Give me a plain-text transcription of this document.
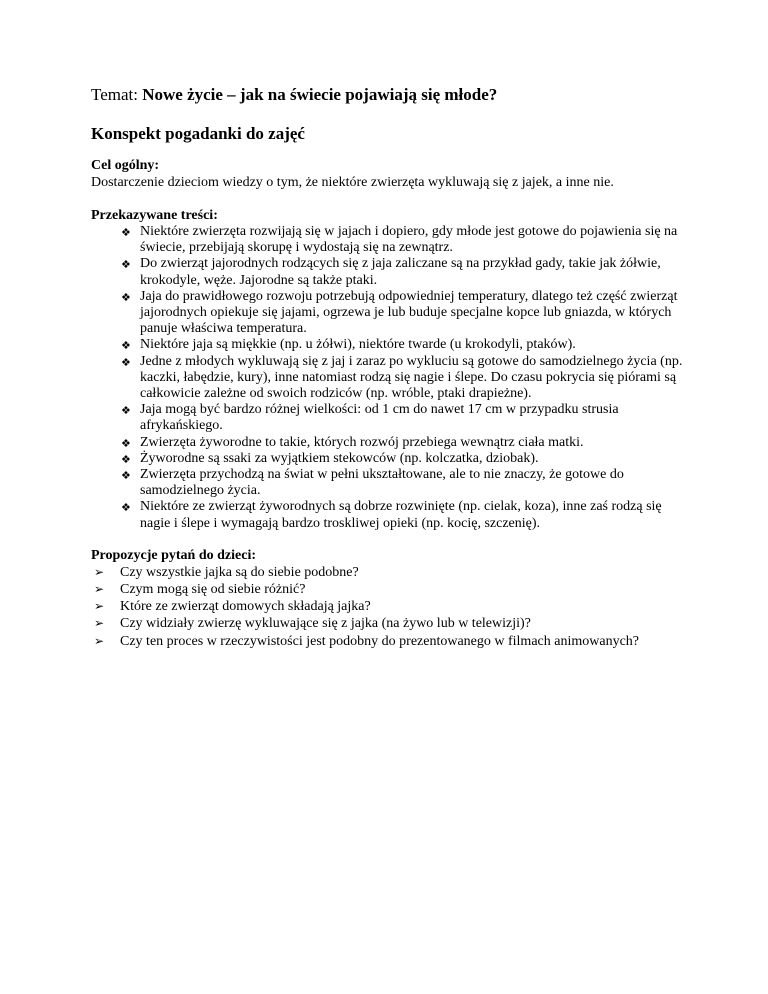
Temat: Nowe życie – jak na świecie pojawiają się młode?

Konspekt pogadanki do zajęć

Cel ogólny:

Dostarczenie dzieciom wiedzy o tym, że niektóre zwierzęta wykluwają się z jajek, a inne nie.

Przekazywane treści:

❖ Niektóre zwierzęta rozwijają się w jajach i dopiero, gdy młode jest gotowe do pojawienia się na świecie, przebijają skorupę i wydostają się na zewnątrz.
❖ Do zwierząt jajorodnych rodzących się z jaja zaliczane są na przykład gady, takie jak żółwie, krokodyle, węże. Jajorodne są także ptaki.
❖ Jaja do prawidłowego rozwoju potrzebują odpowiedniej temperatury, dlatego też część zwierząt jajorodnych opiekuje się jajami, ogrzewa je lub buduje specjalne kopce lub gniazda, w których panuje właściwa temperatura.
❖ Niektóre jaja są miękkie (np. u żółwi), niektóre twarde (u krokodyli, ptaków).
❖ Jedne z młodych wykluwają się z jaj i zaraz po wykluciu są gotowe do samodzielnego życia (np. kaczki, łabędzie, kury), inne natomiast rodzą się nagie i ślepe. Do czasu pokrycia się piórami są całkowicie zależne od swoich rodziców (np. wróble, ptaki drapieżne).
❖ Jaja mogą być bardzo różnej wielkości: od 1 cm do nawet 17 cm w przypadku strusia afrykańskiego.
❖ Zwierzęta żyworodne to takie, których rozwój przebiega wewnątrz ciała matki.
❖ Żyworodne są ssaki za wyjątkiem stekowców (np. kolczatka, dziobak).
❖ Zwierzęta przychodzą na świat w pełni ukształtowane, ale to nie znaczy, że gotowe do samodzielnego życia.
❖ Niektóre ze zwierząt żyworodnych są dobrze rozwinięte (np. cielak, koza), inne zaś rodzą się nagie i ślepe i wymagają bardzo troskliwej opieki (np. kocię, szczenię).

Propozycje pytań do dzieci:

➢ Czy wszystkie jajka są do siebie podobne?
➢ Czym mogą się od siebie różnić?
➢ Które ze zwierząt domowych składają jajka?
➢ Czy widziały zwierzę wykluwające się z jajka (na żywo lub w telewizji)?
➢ Czy ten proces w rzeczywistości jest podobny do prezentowanego w filmach animowanych?
